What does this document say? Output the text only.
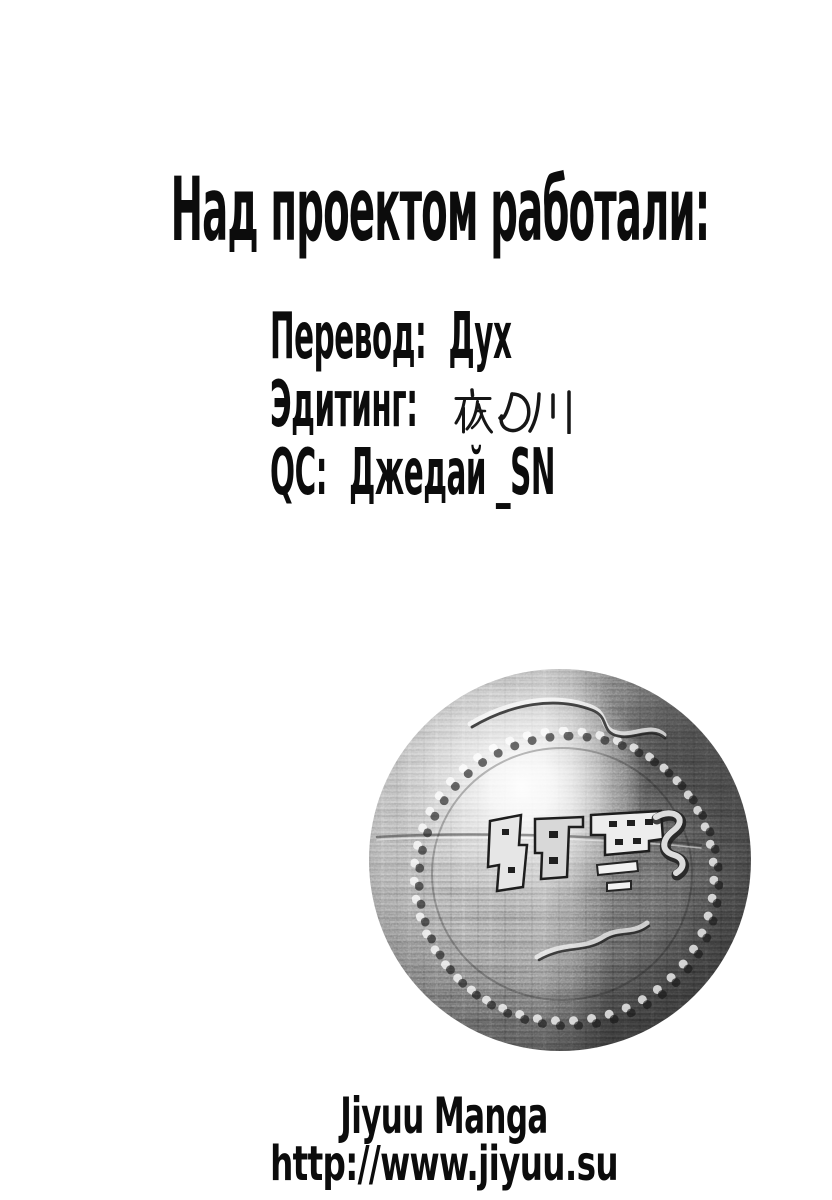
Над проектом работали:
Перевод: Дух
Эдитинг:
QC: Джедай _SN
Jiyuu Manga
http://www.jiyuu.su
